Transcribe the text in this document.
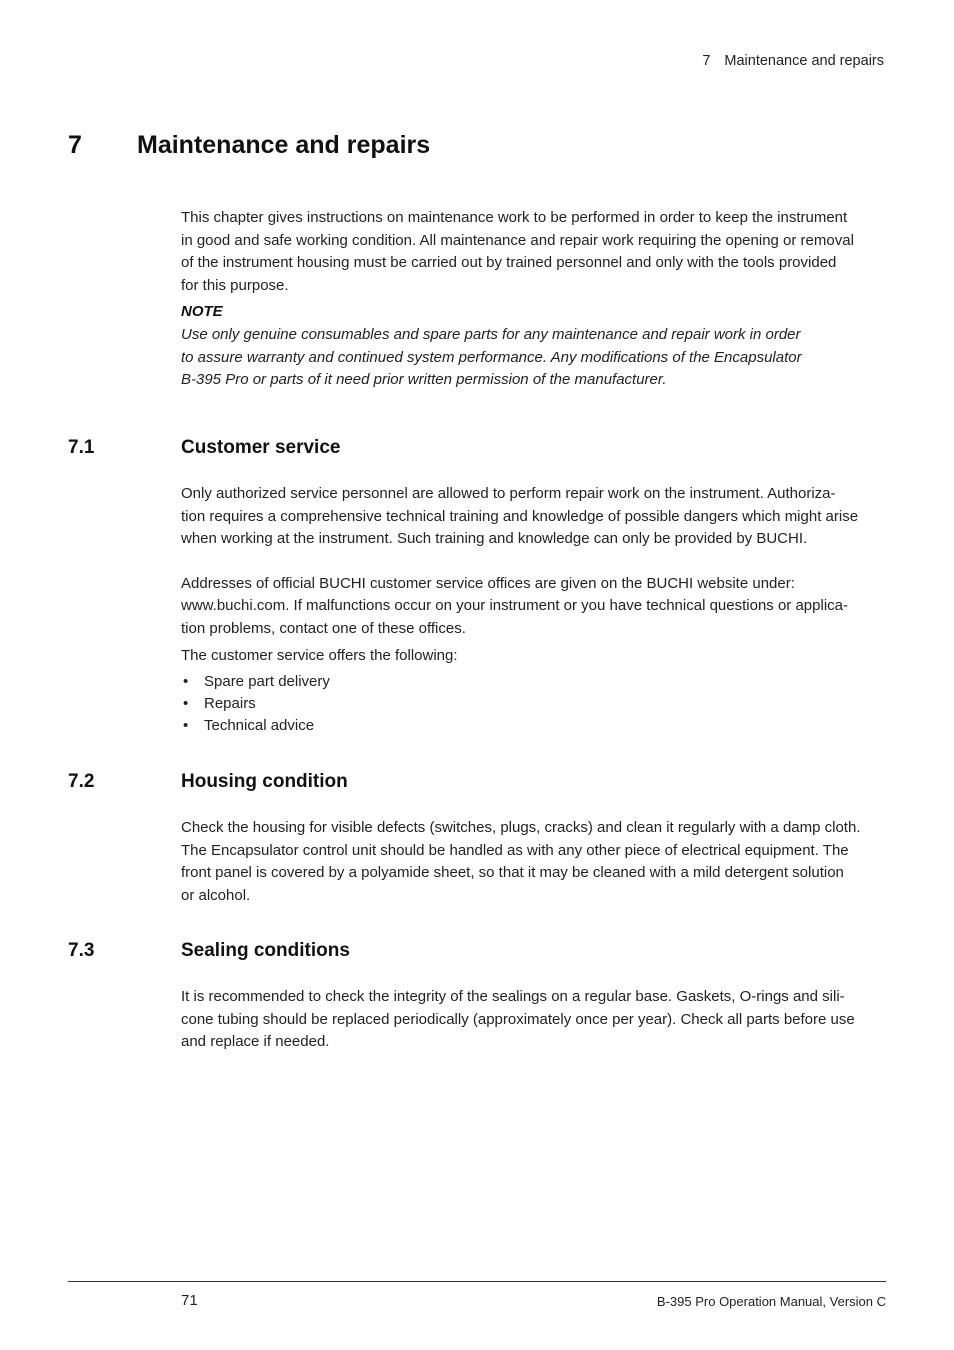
7 Maintenance and repairs
7 Maintenance and repairs

This chapter gives instructions on maintenance work to be performed in order to keep the instrument
in good and safe working condition. All maintenance and repair work requiring the opening or removal
of the instrument housing must be carried out by trained personnel and only with the tools provided
for this purpose.

NOTE

Use only genuine consumables and spare parts for any maintenance and repair work in order
to assure warranty and continued system performance. Any modifications of the Encapsulator
B-395 Pro or parts of it need prior written permission of the manufacturer.

7.1	Customer service

Only authorized service personnel are allowed to perform repair work on the instrument. Authoriza-
tion requires a comprehensive technical training and knowledge of possible dangers which might arise
when working at the instrument. Such training and knowledge can only be provided by BUCHI.

Addresses of official BUCHI customer service offices are given on the BUCHI website under:
www.buchi.com. If malfunctions occur on your instrument or you have technical questions or applica-
tion problems, contact one of these offices.

The customer service offers the following:

• Spare part delivery
• Repairs
• Technical advice
7.2	Housing condition

Check the housing for visible defects (switches, plugs, cracks) and clean it regularly with a damp cloth.
The Encapsulator control unit should be handled as with any other piece of electrical equipment. The
front panel is covered by a polyamide sheet, so that it may be cleaned with a mild detergent solution
or alcohol.

7.3	Sealing conditions

It is recommended to check the integrity of the sealings on a regular base. Gaskets, O-rings and sili-
cone tubing should be replaced periodically (approximately once per year). Check all parts before use
and replace if needed.

71	B-395 Pro Operation Manual, Version C
